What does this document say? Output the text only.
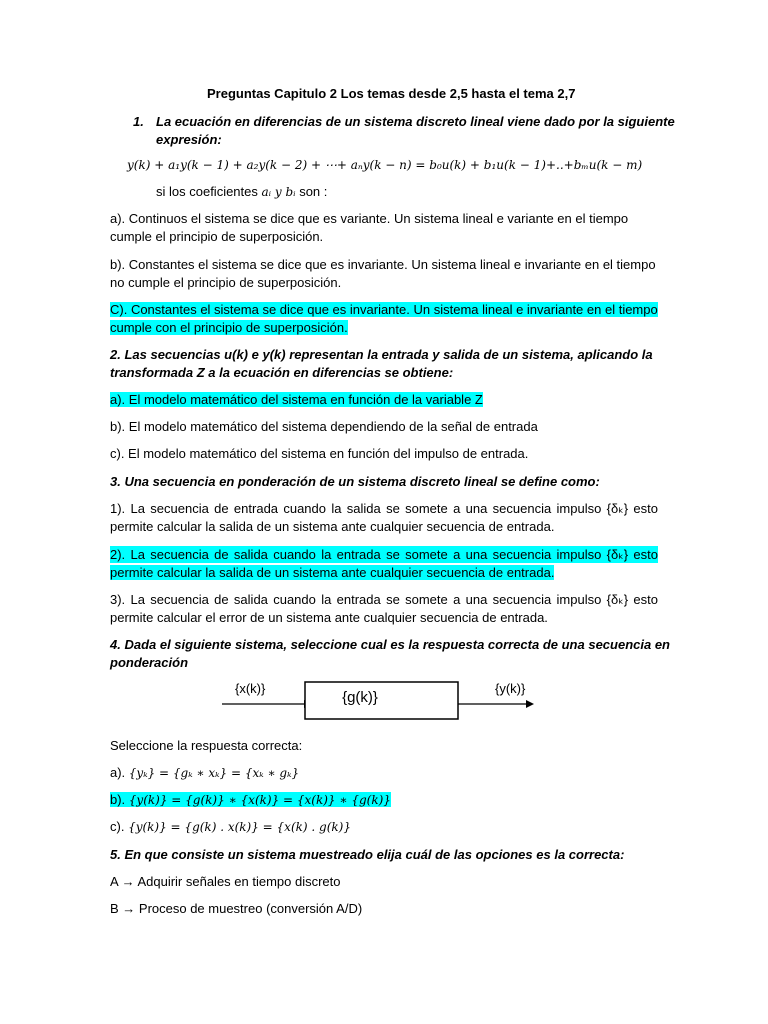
Preguntas Capitulo 2 Los temas desde 2,5 hasta el tema 2,7
1. La ecuación en diferencias de un sistema discreto lineal viene dado por la siguiente
expresión:
y(k) + a₁y(k − 1) + a₂y(k − 2) + ⋯+ aₙy(k − n) = b₀u(k) + b₁u(k − 1)+..+bₘu(k − m)
si los coeficientes aᵢ y bᵢ son :
a). Continuos el sistema se dice que es variante. Un sistema lineal e variante en el tiempo
cumple el principio de superposición.
b). Constantes el sistema se dice que es invariante. Un sistema lineal e invariante en el tiempo
no cumple el principio de superposición.
C). Constantes el sistema se dice que es invariante. Un sistema lineal e invariante en el tiempo
cumple con el principio de superposición.
2. Las secuencias u(k) e y(k) representan la entrada y salida de un sistema, aplicando la
transformada Z a la ecuación en diferencias se obtiene:
a). El modelo matemático del sistema en función de la variable Z
b). El modelo matemático del sistema dependiendo de la señal de entrada
c). El modelo matemático del sistema en función del impulso de entrada.
3. Una secuencia en ponderación de un sistema discreto lineal se define como:
1). La secuencia de entrada cuando la salida se somete a una secuencia impulso {δₖ} esto
permite calcular la salida de un sistema ante cualquier secuencia de entrada.
2). La secuencia de salida cuando la entrada se somete a una secuencia impulso {δₖ} esto
permite calcular la salida de un sistema ante cualquier secuencia de entrada.
3). La secuencia de salida cuando la entrada se somete a una secuencia impulso {δₖ} esto
permite calcular el error de un sistema ante cualquier secuencia de entrada.
4. Dada el siguiente sistema, seleccione cual es la respuesta correcta de una secuencia en
ponderación
{x(k)}
{g(k)}
{y(k)}
Seleccione la respuesta correcta:
a). {yₖ} = {gₖ ∗ xₖ} = {xₖ ∗ gₖ}
b). {y(k)} = {g(k)} ∗ {x(k)} = {x(k)} ∗ {g(k)}
c). {y(k)} = {g(k) . x(k)} = {x(k) . g(k)}
5. En que consiste un sistema muestreado elija cuál de las opciones es la correcta:
A → Adquirir señales en tiempo discreto
B → Proceso de muestreo (conversión A/D)
